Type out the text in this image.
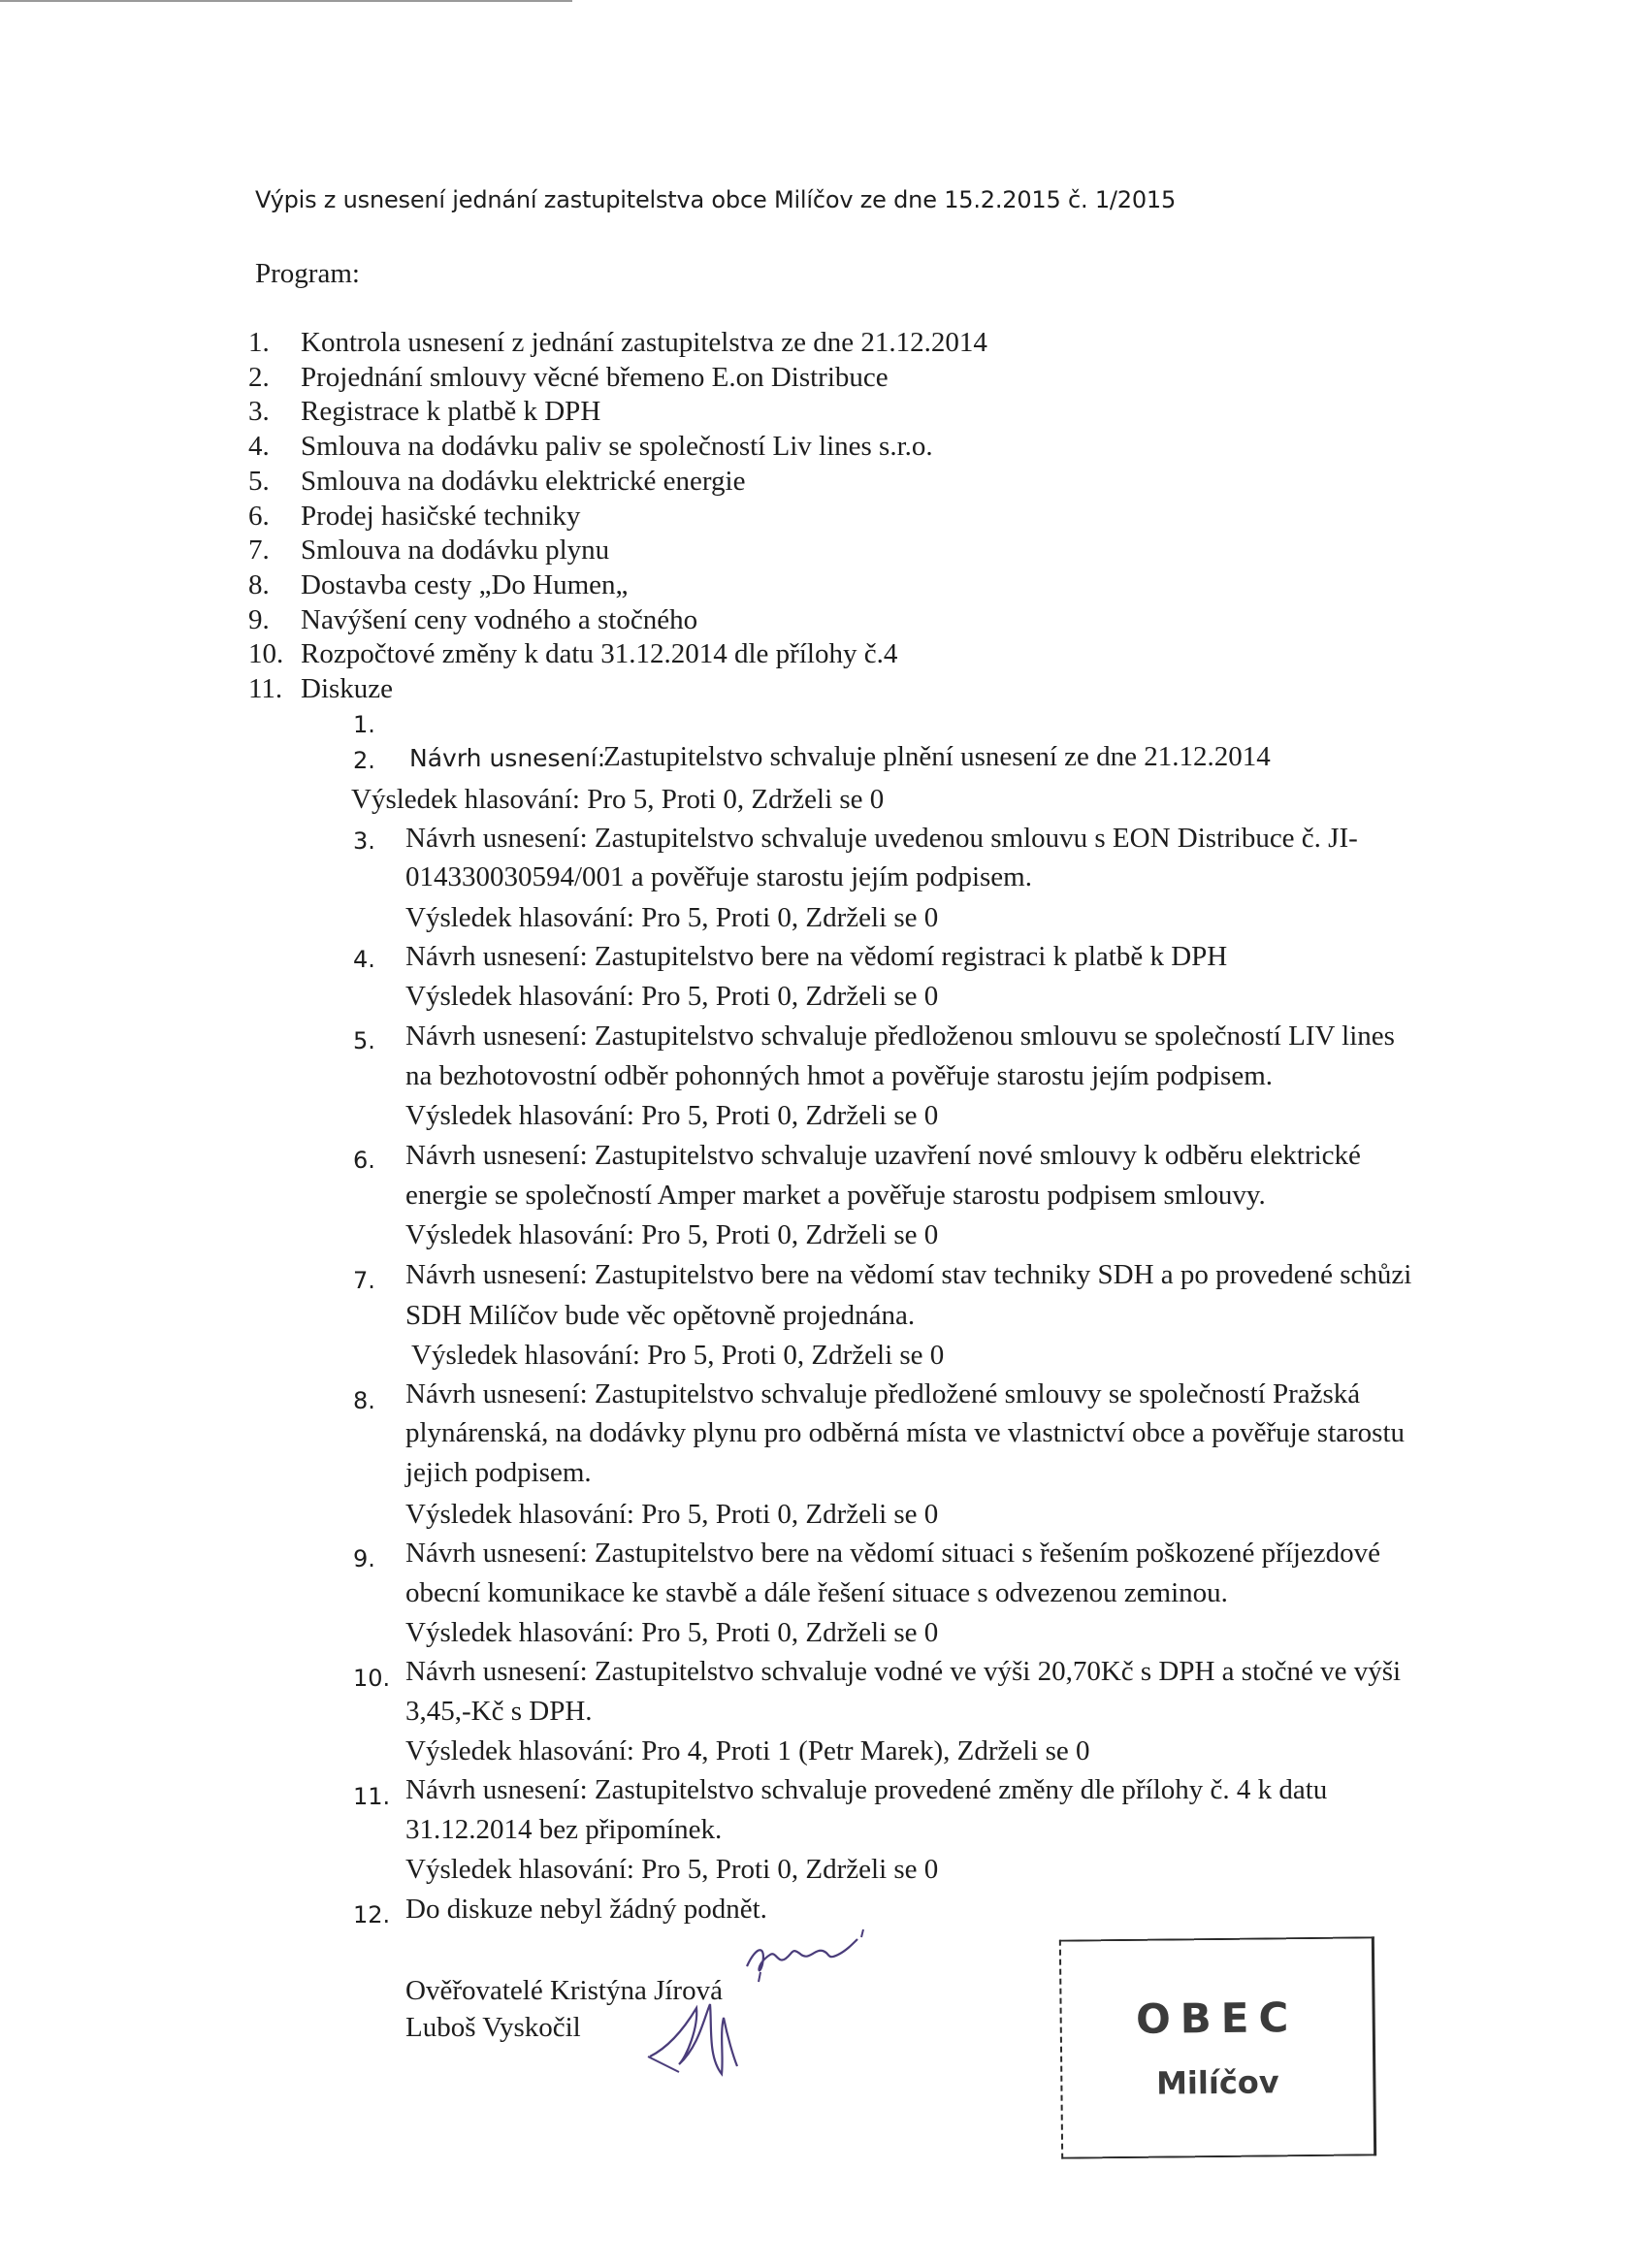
Výpis z usnesení jednání zastupitelstva obce Milíčov ze dne 15.2.2015 č. 1/2015
Program:
1.	Kontrola usnesení z jednání zastupitelstva ze dne 21.12.2014
2.	Projednání smlouvy věcné břemeno E.on Distribuce
3.	Registrace k platbě k DPH
4.	Smlouva na dodávku paliv se společností Liv lines s.r.o.
5.	Smlouva na dodávku elektrické energie
6.	Prodej hasičské techniky
7.	Smlouva na dodávku plynu
8.	Dostavba cesty „Do Humen„
9.	Navýšení ceny vodného a stočného
10. Rozpočtové změny k datu 31.12.2014 dle přílohy č.4
11. Diskuze
1.
2. Návrh usnesení:
Zastupitelstvo schvaluje plnění usnesení ze dne 21.12.2014
Výsledek hlasování: Pro 5, Proti 0, Zdrželi se 0
3. Návrh usnesení: Zastupitelstvo schvaluje uvedenou smlouvu s EON Distribuce č. JI-
014330030594/001 a pověřuje starostu jejím podpisem.
Výsledek hlasování: Pro 5, Proti 0, Zdrželi se 0
4. Návrh usnesení: Zastupitelstvo bere na vědomí registraci k platbě k DPH
Výsledek hlasování: Pro 5, Proti 0, Zdrželi se 0
5. Návrh usnesení: Zastupitelstvo schvaluje předloženou smlouvu se společností LIV lines
na bezhotovostní odběr pohonných hmot a pověřuje starostu jejím podpisem.
Výsledek hlasování: Pro 5, Proti 0, Zdrželi se 0
6. Návrh usnesení: Zastupitelstvo schvaluje uzavření nové smlouvy k odběru elektrické
energie se společností Amper market a pověřuje starostu podpisem smlouvy.
Výsledek hlasování: Pro 5, Proti 0, Zdrželi se 0
7. Návrh usnesení: Zastupitelstvo bere na vědomí stav techniky SDH a po provedené schůzi
SDH Milíčov bude věc opětovně projednána.
Výsledek hlasování: Pro 5, Proti 0, Zdrželi se 0
8. Návrh usnesení: Zastupitelstvo schvaluje předložené smlouvy se společností Pražská
plynárenská, na dodávky plynu pro odběrná místa ve vlastnictví obce a pověřuje starostu
jejich podpisem.
Výsledek hlasování: Pro 5, Proti 0, Zdrželi se 0
9. Návrh usnesení: Zastupitelstvo bere na vědomí situaci s řešením poškozené příjezdové
obecní komunikace ke stavbě a dále řešení situace s odvezenou zeminou.
Výsledek hlasování: Pro 5, Proti 0, Zdrželi se 0
10. Návrh usnesení: Zastupitelstvo schvaluje vodné ve výši 20,70Kč s DPH a stočné ve výši
3,45,-Kč s DPH.
Výsledek hlasování: Pro 4, Proti 1 (Petr Marek), Zdrželi se 0
11. Návrh usnesení: Zastupitelstvo schvaluje provedené změny dle přílohy č. 4 k datu
31.12.2014 bez připomínek.
Výsledek hlasování: Pro 5, Proti 0, Zdrželi se 0
12. Do diskuze nebyl žádný podnět.
Ověřovatelé Kristýna Jírová
Luboš Vyskočil	OBEC
Milíčov
